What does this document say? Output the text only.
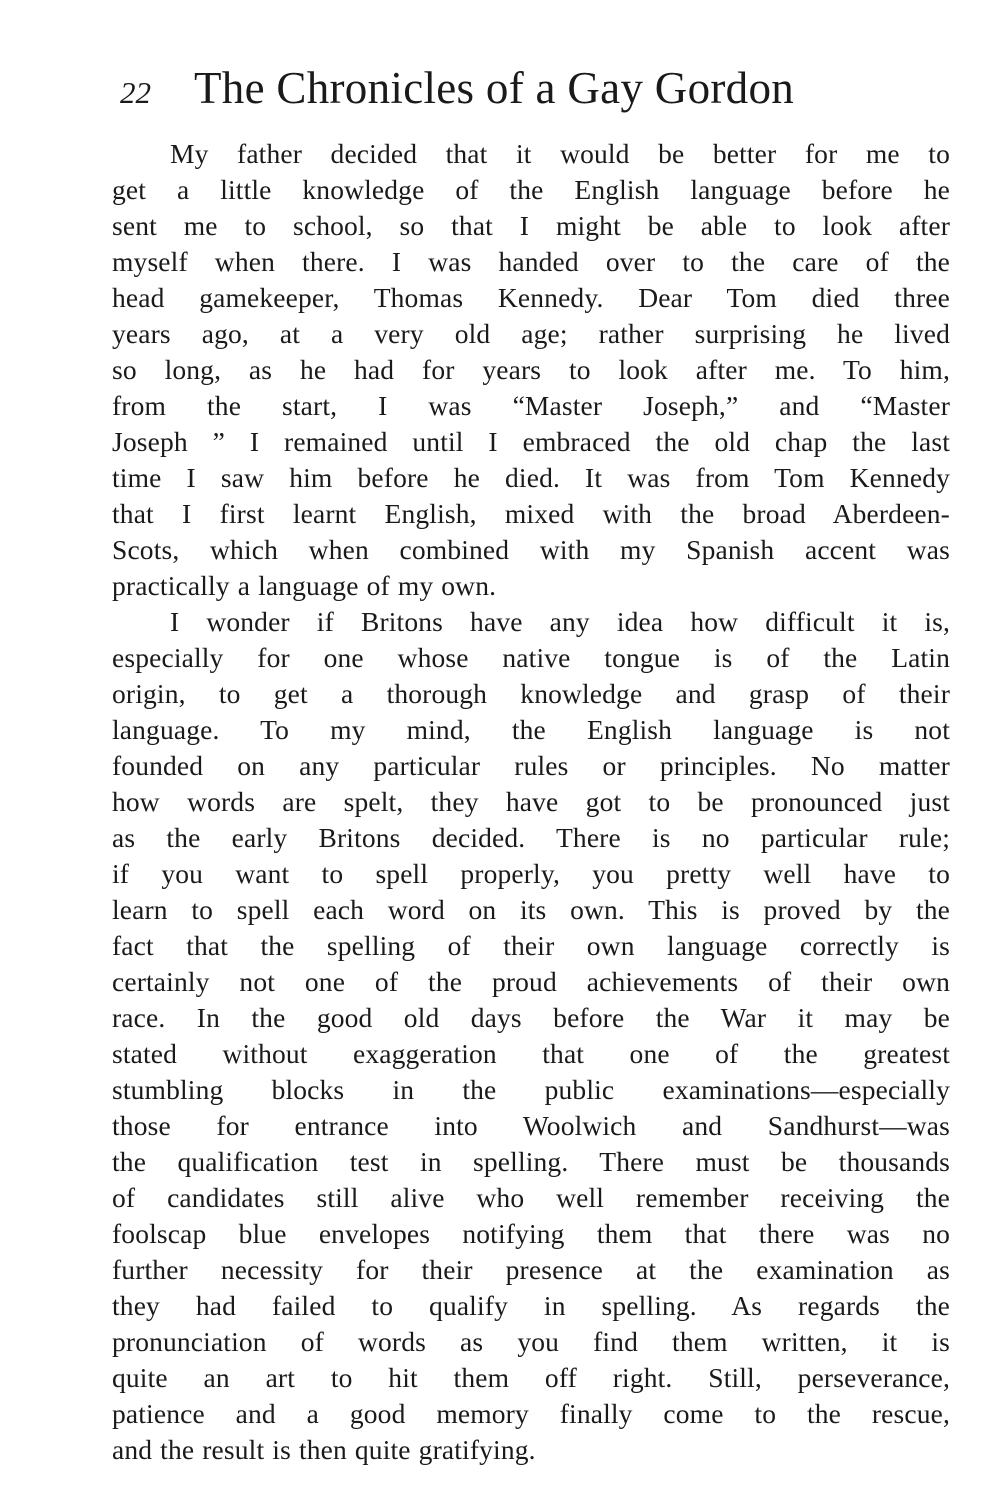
22 The Chronicles of a Gay Gordon
My father decided that it would be better for me to
get a little knowledge of the English language before he
sent me to school, so that I might be able to look after
myself when there. I was handed over to the care of the
head gamekeeper, Thomas Kennedy. Dear Tom died three
years ago, at a very old age; rather surprising he lived
so long, as he had for years to look after me. To him,
from the start, I was “Master Joseph,” and “Master
Joseph ” I remained until I embraced the old chap the last
time I saw him before he died. It was from Tom Kennedy
that I first learnt English, mixed with the broad Aberdeen-
Scots, which when combined with my Spanish accent was
practically a language of my own.
I wonder if Britons have any idea how difficult it is,
especially for one whose native tongue is of the Latin
origin, to get a thorough knowledge and grasp of their
language. To my mind, the English language is not
founded on any particular rules or principles. No matter
how words are spelt, they have got to be pronounced just
as the early Britons decided. There is no particular rule;
if you want to spell properly, you pretty well have to
learn to spell each word on its own. This is proved by the
fact that the spelling of their own language correctly is
certainly not one of the proud achievements of their own
race. In the good old days before the War it may be
stated without exaggeration that one of the greatest
stumbling blocks in the public examinations—especially
those for entrance into Woolwich and Sandhurst—was
the qualification test in spelling. There must be thousands
of candidates still alive who well remember receiving the
foolscap blue envelopes notifying them that there was no
further necessity for their presence at the examination as
they had failed to qualify in spelling. As regards the
pronunciation of words as you find them written, it is
quite an art to hit them off right. Still, perseverance,
patience and a good memory finally come to the rescue,
and the result is then quite gratifying.
